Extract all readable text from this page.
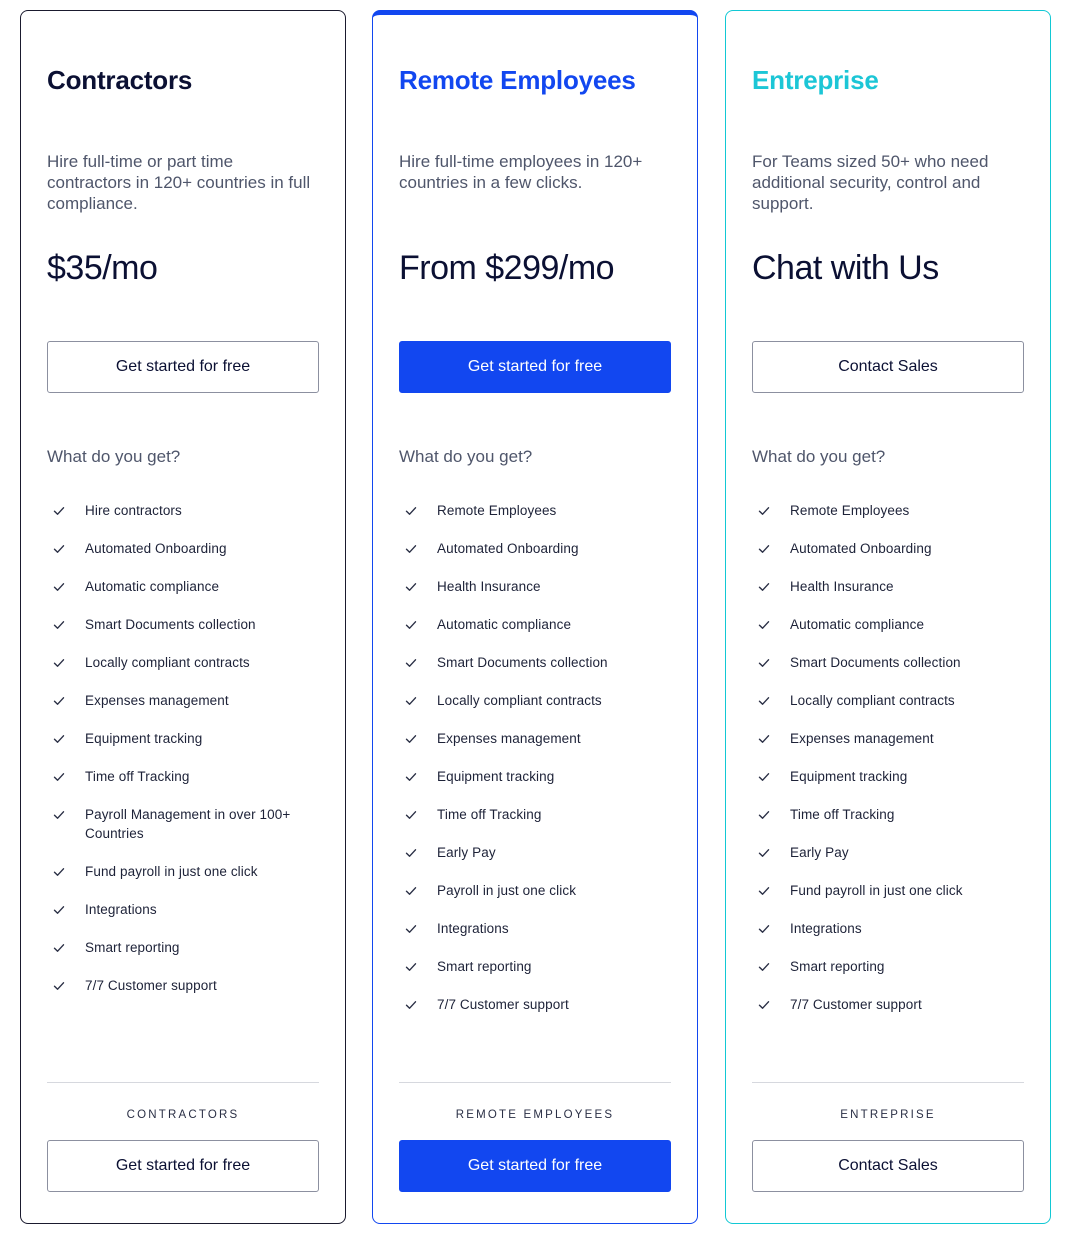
Contractors

Hire full-time or part time contractors in 120+ countries in full compliance.

$35/mo
Get started for free
What do you get?
Hire contractors
Automated Onboarding
Automatic compliance
Smart Documents collection
Locally compliant contracts
Expenses management
Equipment tracking
Time off Tracking
Payroll Management in over 100+ Countries
Fund payroll in just one click
Integrations
Smart reporting
7/7 Customer support
CONTRACTORS
Get started for free
Remote Employees

Hire full-time employees in 120+ countries in a few clicks.

From $299/mo
Get started for free
What do you get?
Remote Employees
Automated Onboarding
Health Insurance
Automatic compliance
Smart Documents collection
Locally compliant contracts
Expenses management
Equipment tracking
Time off Tracking
Early Pay
Payroll in just one click
Integrations
Smart reporting
7/7 Customer support
REMOTE EMPLOYEES
Get started for free
Entreprise

For Teams sized 50+ who need additional security, control and support.

Chat with Us
Contact Sales
What do you get?
Remote Employees
Automated Onboarding
Health Insurance
Automatic compliance
Smart Documents collection
Locally compliant contracts
Expenses management
Equipment tracking
Time off Tracking
Early Pay
Fund payroll in just one click
Integrations
Smart reporting
7/7 Customer support
ENTREPRISE
Contact Sales
